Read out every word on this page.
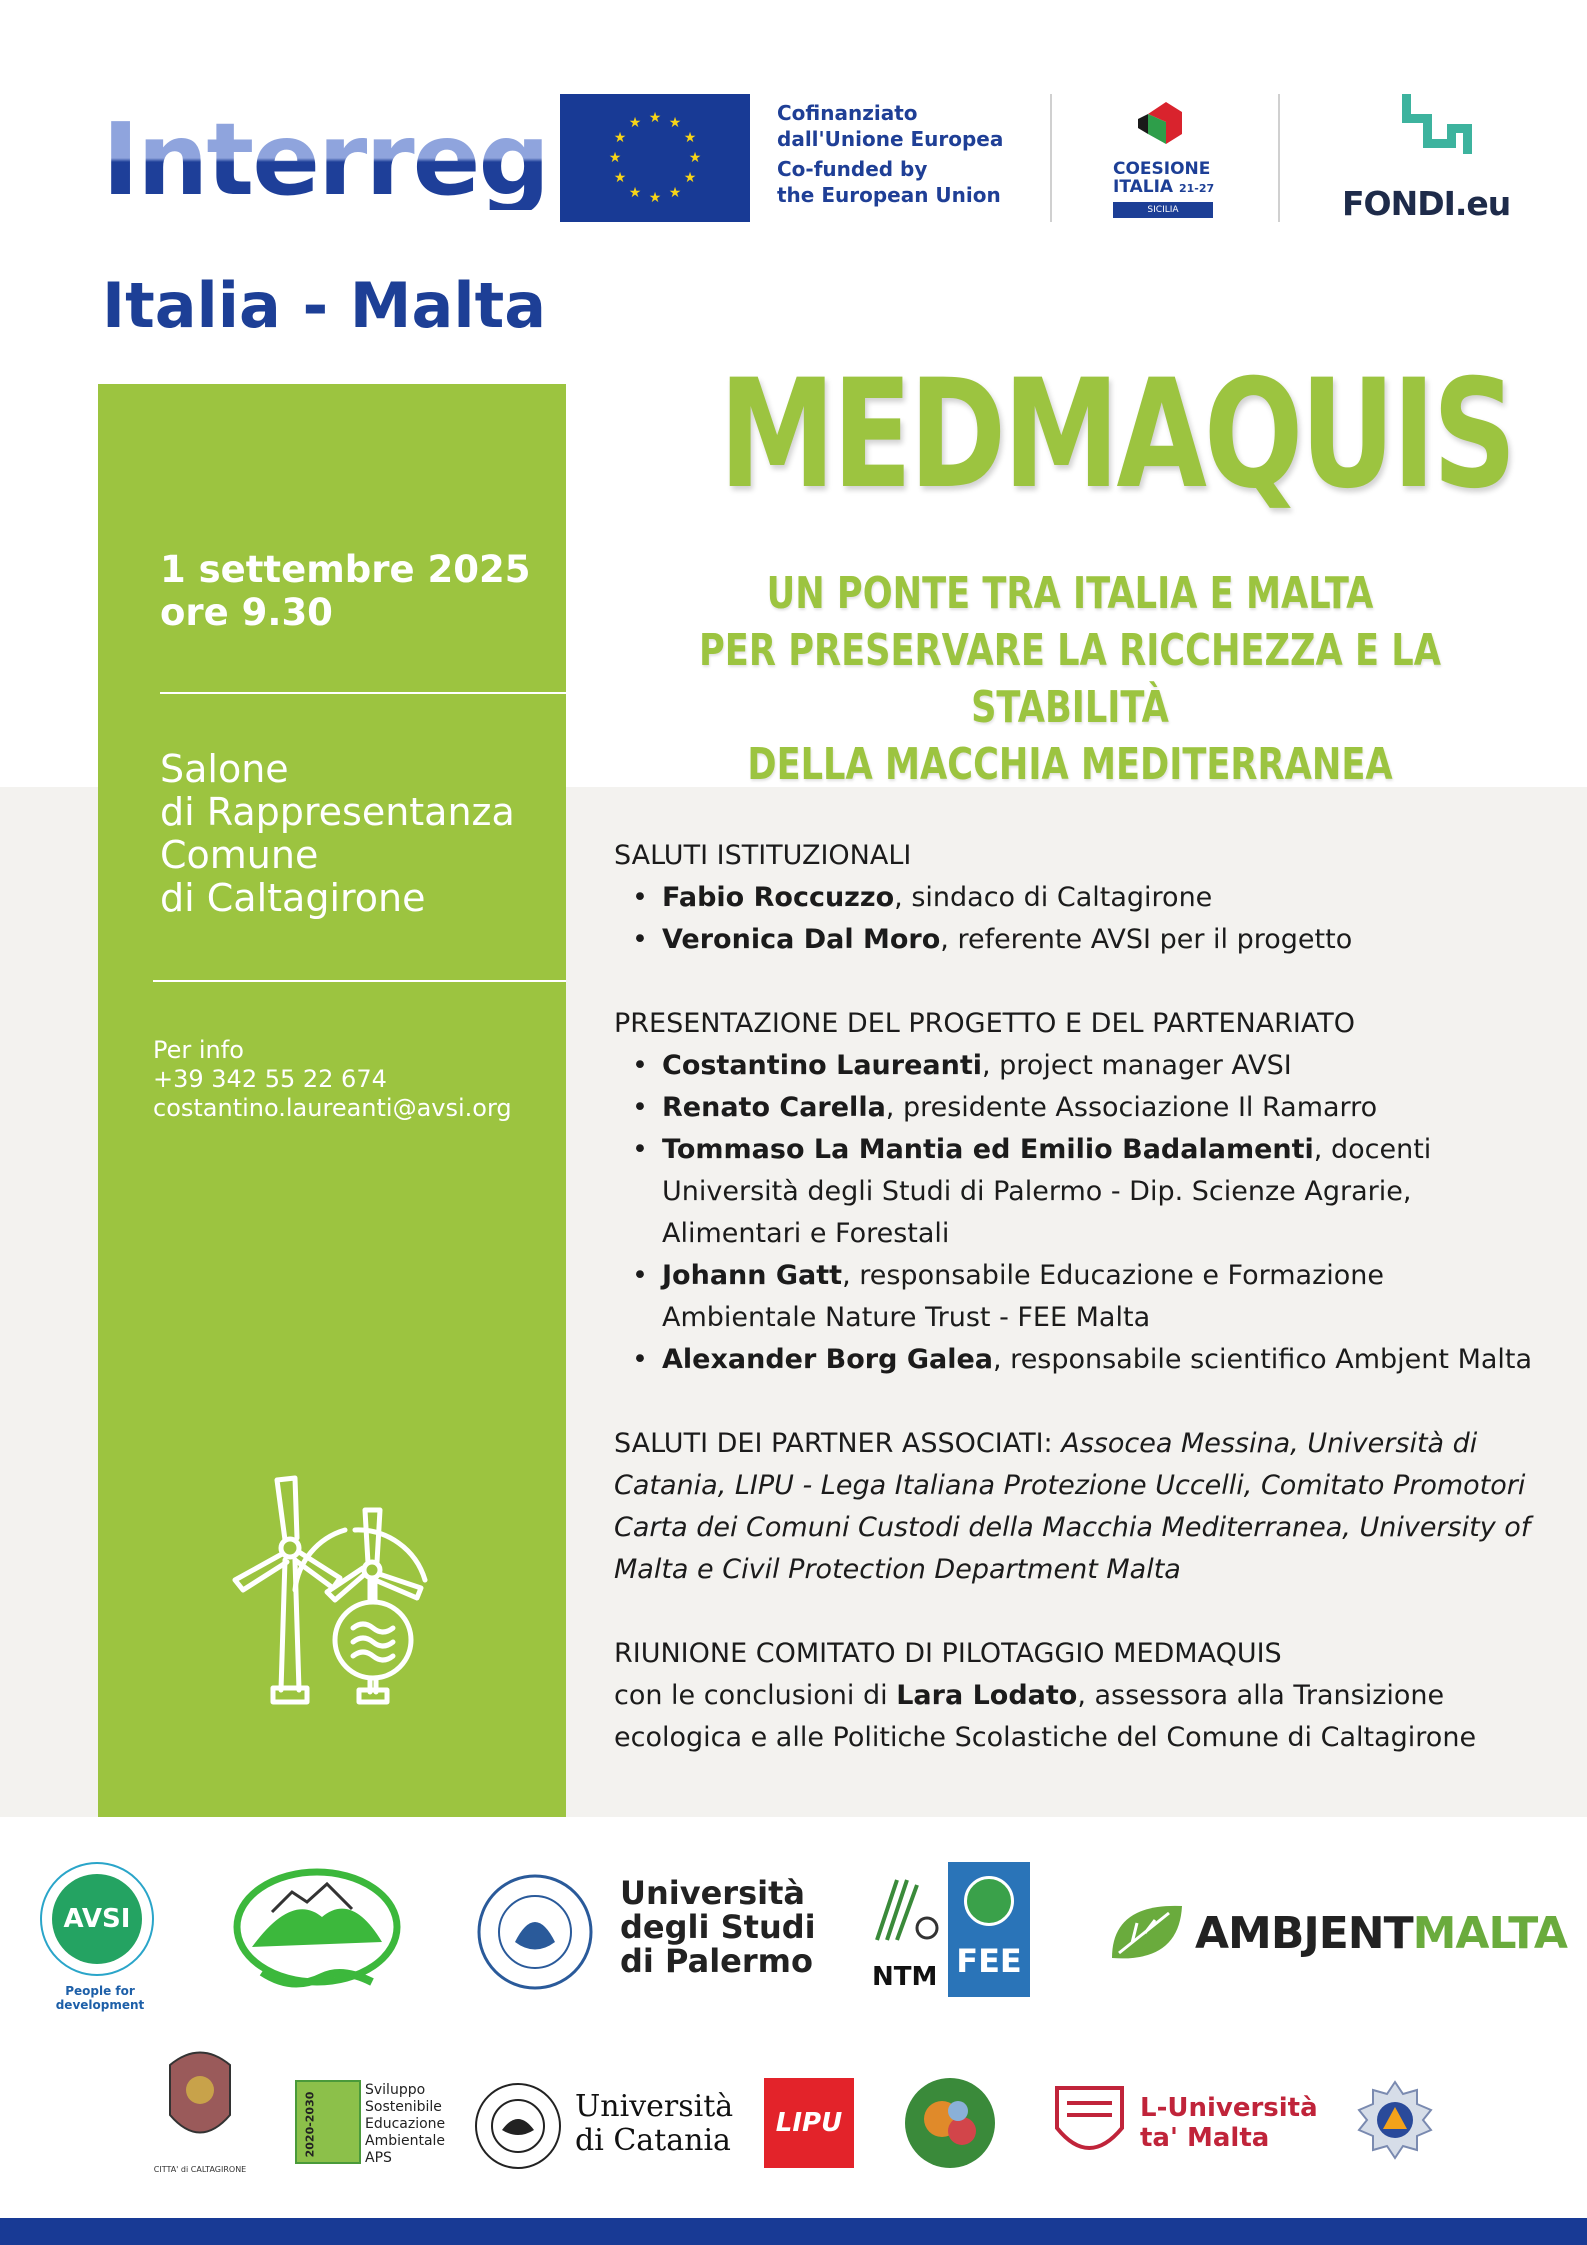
Interreg
Italia - Malta
★ ★
★
★
★
★
★
★
★
★
★
★	Cofinanziato
dall'Unione Europea
Co-funded by
the European Union
COESIONE
ITALIA 21-27
SICILIA	FONDI.eu
MEDMAQUIS
UN PONTE TRA ITALIA E MALTA
PER PRESERVARE LA RICCHEZZA E LA STABILITÀ
DELLA MACCHIA MEDITERRANEA
1 settembre 2025
ore 9.30
Salone
di Rappresentanza
Comune
di Caltagirone
Per info
+39 342 55 22 674
costantino.laureanti@avsi.org
SALUTI ISTITUZIONALI
• Fabio Roccuzzo, sindaco di Caltagirone
• Veronica Dal Moro, referente AVSI per il progetto
PRESENTAZIONE DEL PROGETTO E DEL PARTENARIATO
• Costantino Laureanti, project manager AVSI
• Renato Carella, presidente Associazione Il Ramarro
• Tommaso La Mantia ed Emilio Badalamenti, docenti Università degli Studi di Palermo - Dip. Scienze Agrarie, Alimentari e Forestali
• Johann Gatt, responsabile Educazione e Formazione Ambientale Nature Trust - FEE Malta
• Alexander Borg Galea, responsabile scientifico Ambjent Malta
SALUTI DEI PARTNER ASSOCIATI: Assocea Messina, Università di Catania, LIPU - Lega Italiana Protezione Uccelli, Comitato Promotori Carta dei Comuni Custodi della Macchia Mediterranea, University of Malta e Civil Protection Department Malta
RIUNIONE COMITATO DI PILOTAGGIO MEDMAQUIS
con le conclusioni di Lara Lodato, assessora alla Transizione ecologica e alle Politiche Scolastiche del Comune di Caltagirone
AVSI
People for development
Università
degli Studi
di Palermo NTM FEE
AMBJENTMALTA
CITTA' di CALTAGIRONE
2020-2030
Sviluppo
Sostenibile
Educazione
Ambientale
APS
Università
di Catania	LIPU	L-Università
ta' Malta
